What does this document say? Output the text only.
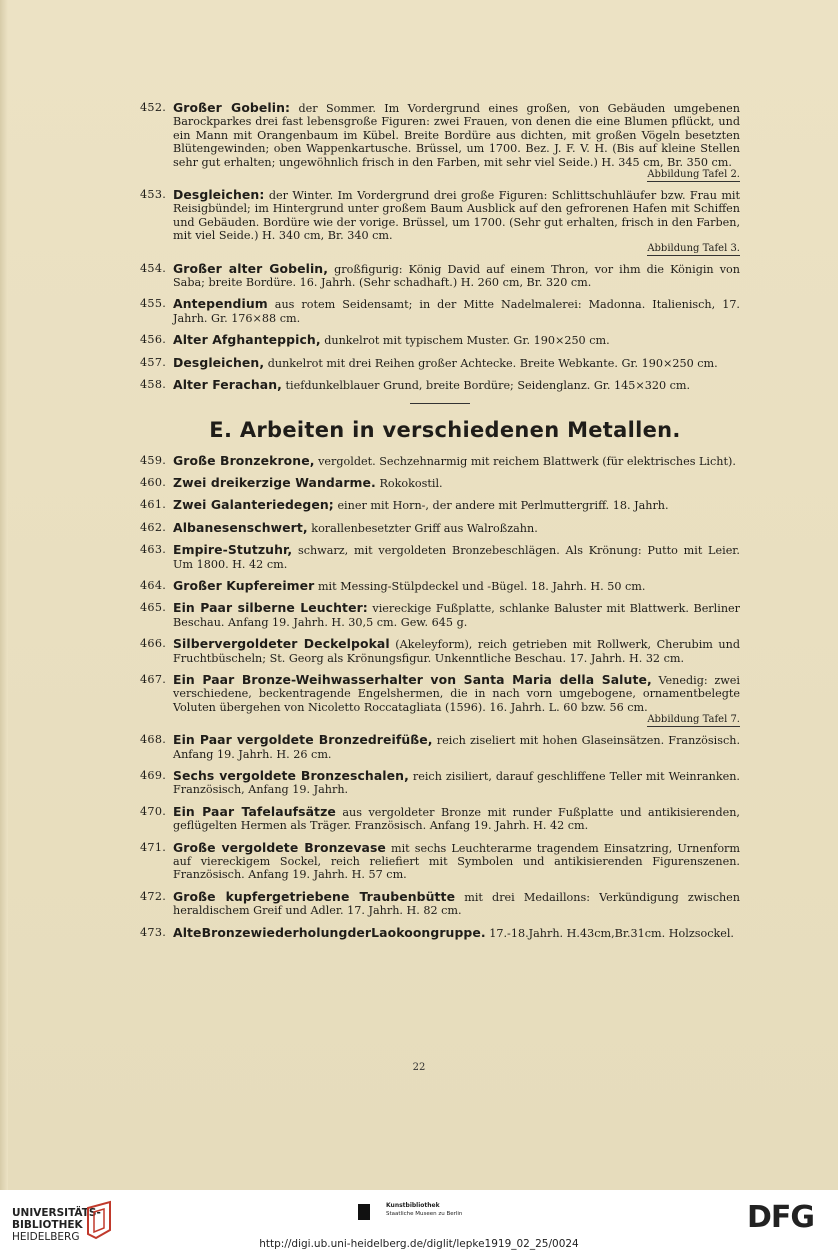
452. Großer Gobelin: der Sommer. Im Vordergrund eines großen, von Gebäuden umgebenen Barockparkes drei fast lebensgroße Figuren: zwei Frauen, von denen die eine Blumen pflückt, und ein Mann mit Orangenbaum im Kübel. Breite Bordüre aus dichten, mit großen Vögeln besetzten Blütengewinden; oben Wappenkartusche. Brüssel, um 1700. Bez. J. F. V. H. (Bis auf kleine Stellen sehr gut erhalten; ungewöhnlich frisch in den Farben, mit sehr viel Seide.) H. 345 cm, Br. 350 cm.
Abbildung Tafel 2.
453. Desgleichen: der Winter. Im Vordergrund drei große Figuren: Schlittschuhläufer bzw. Frau mit Reisigbündel; im Hintergrund unter großem Baum Ausblick auf den gefrorenen Hafen mit Schiffen und Gebäuden. Bordüre wie der vorige. Brüssel, um 1700. (Sehr gut erhalten, frisch in den Farben, mit viel Seide.) H. 340 cm, Br. 340 cm.
Abbildung Tafel 3.
454. Großer alter Gobelin, großfigurig: König David auf einem Thron, vor ihm die Königin von Saba; breite Bordüre. 16. Jahrh. (Sehr schadhaft.) H. 260 cm, Br. 320 cm.
455. Antependium aus rotem Seidensamt; in der Mitte Nadelmalerei: Madonna. Italienisch, 17. Jahrh. Gr. 176×88 cm.
456. Alter Afghanteppich, dunkelrot mit typischem Muster. Gr. 190×250 cm.
457. Desgleichen, dunkelrot mit drei Reihen großer Achtecke. Breite Webkante. Gr. 190×250 cm.
458. Alter Ferachan, tiefdunkelblauer Grund, breite Bordüre; Seidenglanz. Gr. 145×320 cm.
E. Arbeiten in verschiedenen Metallen.
459. Große Bronzekrone, vergoldet. Sechzehnarmig mit reichem Blattwerk (für elektrisches Licht).
460. Zwei dreikerzige Wandarme. Rokokostil.
461. Zwei Galanteriedegen; einer mit Horn-, der andere mit Perlmuttergriff. 18. Jahrh.
462. Albanesenschwert, korallenbesetzter Griff aus Walroßzahn.
463. Empire-Stutzuhr, schwarz, mit vergoldeten Bronzebeschlägen. Als Krönung: Putto mit Leier. Um 1800. H. 42 cm.
464. Großer Kupfereimer mit Messing-Stülpdeckel und -Bügel. 18. Jahrh. H. 50 cm.
465. Ein Paar silberne Leuchter: viereckige Fußplatte, schlanke Baluster mit Blattwerk. Berliner Beschau. Anfang 19. Jahrh. H. 30,5 cm. Gew. 645 g.
466. Silbervergoldeter Deckelpokal (Akeleyform), reich getrieben mit Rollwerk, Cherubim und Fruchtbüscheln; St. Georg als Krönungsfigur. Unkenntliche Beschau. 17. Jahrh. H. 32 cm.
467. Ein Paar Bronze-Weihwasserhalter von Santa Maria della Salute, Venedig: zwei verschiedene, beckentragende Engelshermen, die in nach vorn umgebogene, ornamentbelegte Voluten übergehen von Nicoletto Roccatagliata (1596). 16. Jahrh. L. 60 bzw. 56 cm.
Abbildung Tafel 7.
468. Ein Paar vergoldete Bronzedreifüße, reich ziseliert mit hohen Glaseinsätzen. Französisch. Anfang 19. Jahrh. H. 26 cm.
469. Sechs vergoldete Bronzeschalen, reich zisiliert, darauf geschliffene Teller mit Weinranken. Französisch, Anfang 19. Jahrh.
470. Ein Paar Tafelaufsätze aus vergoldeter Bronze mit runder Fußplatte und antikisierenden, geflügelten Hermen als Träger. Französisch. Anfang 19. Jahrh. H. 42 cm.
471. Große vergoldete Bronzevase mit sechs Leuchterarme tragendem Einsatzring, Urnenform auf viereckigem Sockel, reich reliefiert mit Symbolen und antikisierenden Figurenszenen. Französisch. Anfang 19. Jahrh. H. 57 cm.
472. Große kupfergetriebene Traubenbütte mit drei Medaillons: Verkündigung zwischen heraldischem Greif und Adler. 17. Jahrh. H. 82 cm.
473. AlteBronzewiederholungderLaokoongruppe. 17.-18.Jahrh. H.43cm,Br.31cm. Holzsockel.
22
UNIVERSITÄTS-
BIBLIOTHEK
HEIDELBERG
Kunstbibliothek
Staatliche Museen zu Berlin	DFG
http://digi.ub.uni-heidelberg.de/diglit/lepke1919_02_25/0024
